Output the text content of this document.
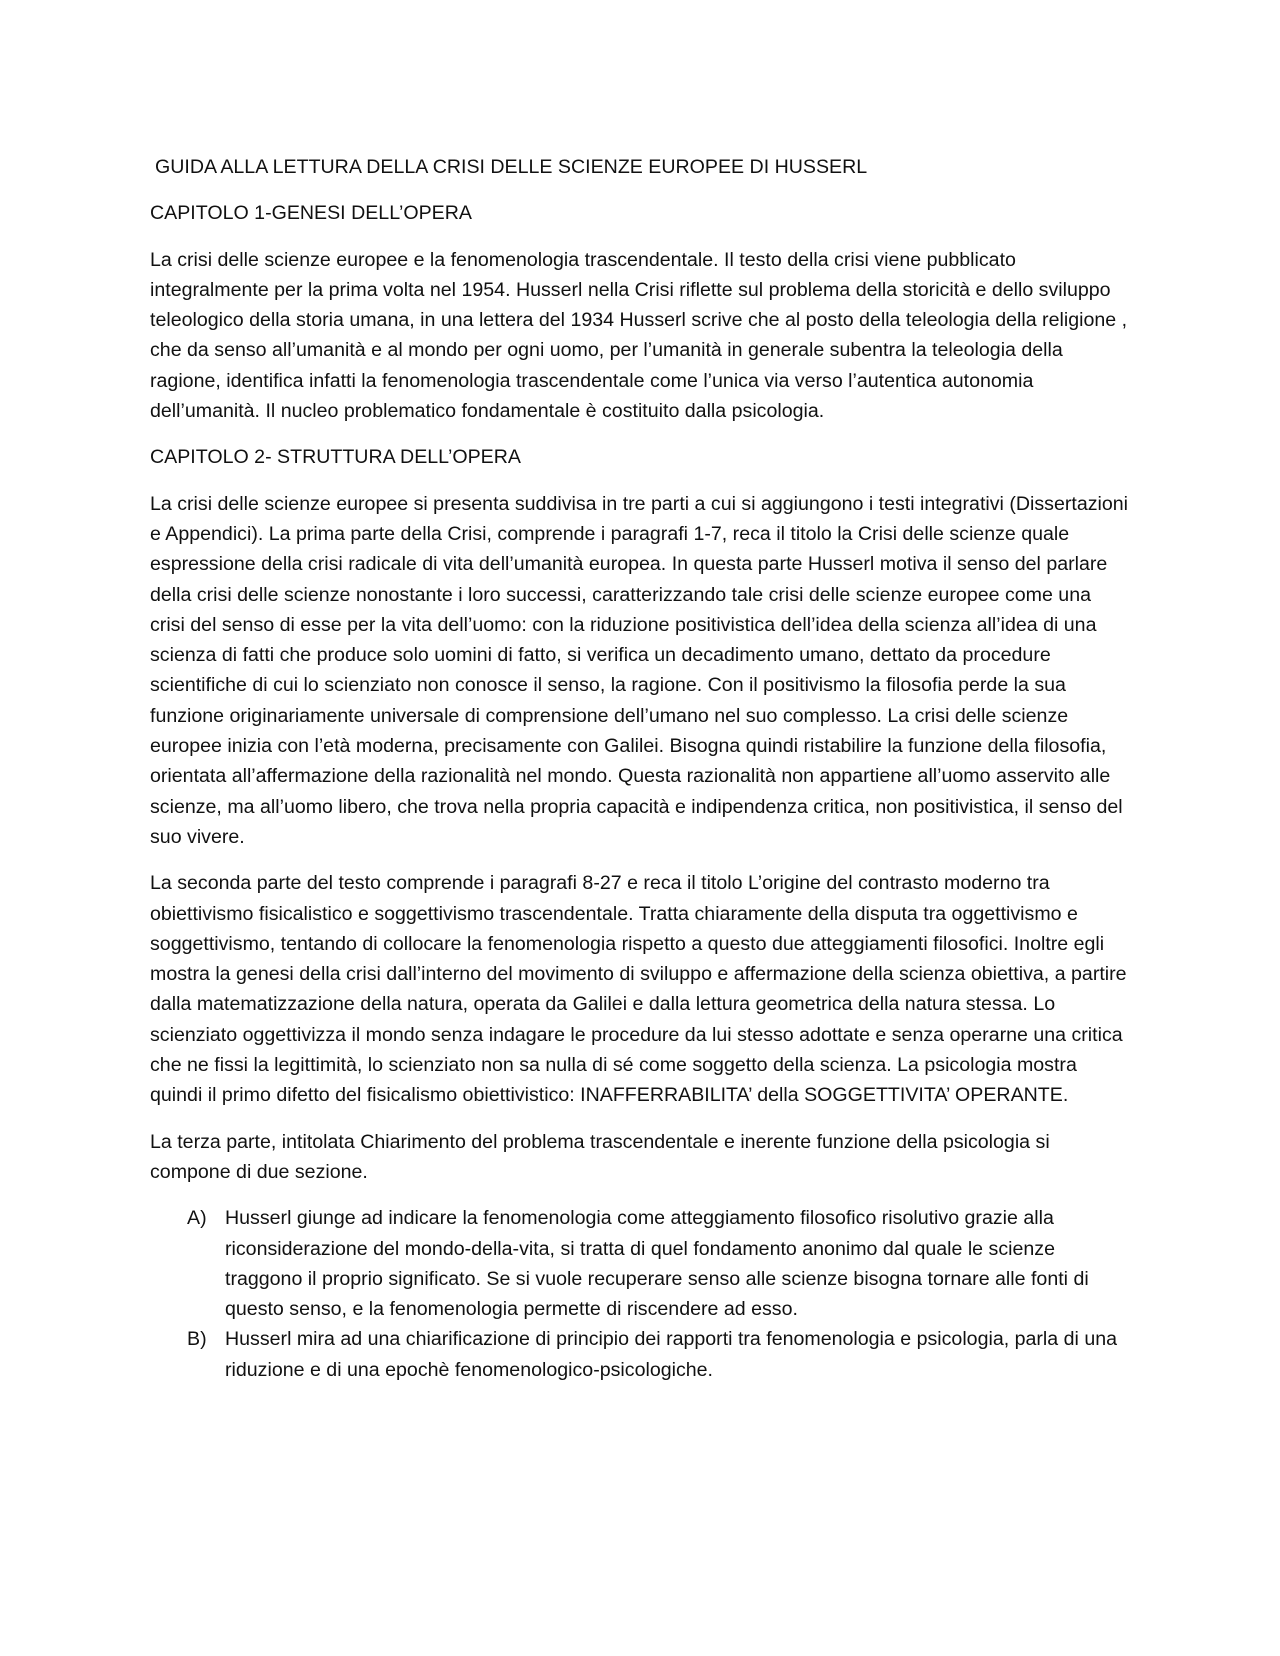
GUIDA ALLA LETTURA DELLA CRISI DELLE SCIENZE EUROPEE DI HUSSERL

CAPITOLO 1-GENESI DELL’OPERA

La crisi delle scienze europee e la fenomenologia trascendentale. Il testo della crisi viene pubblicato integralmente per la prima volta nel 1954. Husserl nella Crisi riflette sul problema della storicità e dello sviluppo teleologico della storia umana, in una lettera del 1934 Husserl scrive che al posto della teleologia della religione , che da senso all’umanità e al mondo per ogni uomo, per l’umanità in generale subentra la teleologia della ragione, identifica infatti la fenomenologia trascendentale come l’unica via verso l’autentica autonomia dell’umanità. Il nucleo problematico fondamentale è costituito dalla psicologia.

CAPITOLO 2- STRUTTURA DELL’OPERA

La crisi delle scienze europee si presenta suddivisa in tre parti a cui si aggiungono i testi integrativi (Dissertazioni e Appendici). La prima parte della Crisi, comprende i paragrafi 1-7, reca il titolo la Crisi delle scienze quale espressione della crisi radicale di vita dell’umanità europea. In questa parte Husserl motiva il senso del parlare della crisi delle scienze nonostante i loro successi, caratterizzando tale crisi delle scienze europee come una crisi del senso di esse per la vita dell’uomo: con la riduzione positivistica dell’idea della scienza all’idea di una scienza di fatti che produce solo uomini di fatto, si verifica un decadimento umano, dettato da procedure scientifiche di cui lo scienziato non conosce il senso, la ragione. Con il positivismo la filosofia perde la sua funzione originariamente universale di comprensione dell’umano nel suo complesso. La crisi delle scienze europee inizia con l’età moderna, precisamente con Galilei. Bisogna quindi ristabilire la funzione della filosofia, orientata all’affermazione della razionalità nel mondo. Questa razionalità non appartiene all’uomo asservito alle scienze, ma all’uomo libero, che trova nella propria capacità e indipendenza critica, non positivistica, il senso del suo vivere.

La seconda parte del testo comprende i paragrafi 8-27 e reca il titolo L’origine del contrasto moderno tra obiettivismo fisicalistico e soggettivismo trascendentale. Tratta chiaramente della disputa tra oggettivismo e soggettivismo, tentando di collocare la fenomenologia rispetto a questo due atteggiamenti filosofici. Inoltre egli mostra la genesi della crisi dall’interno del movimento di sviluppo e affermazione della scienza obiettiva, a partire dalla matematizzazione della natura, operata da Galilei e dalla lettura geometrica della natura stessa. Lo scienziato oggettivizza il mondo senza indagare le procedure da lui stesso adottate e senza operarne una critica che ne fissi la legittimità, lo scienziato non sa nulla di sé come soggetto della scienza. La psicologia mostra quindi il primo difetto del fisicalismo obiettivistico: INAFFERRABILITA’ della SOGGETTIVITA’ OPERANTE.

La terza parte, intitolata Chiarimento del problema trascendentale e inerente funzione della psicologia si compone di due sezione.

A) Husserl giunge ad indicare la fenomenologia come atteggiamento filosofico risolutivo grazie alla riconsiderazione del mondo-della-vita, si tratta di quel fondamento anonimo dal quale le scienze traggono il proprio significato. Se si vuole recuperare senso alle scienze bisogna tornare alle fonti di questo senso, e la fenomenologia permette di riscendere ad esso.
B) Husserl mira ad una chiarificazione di principio dei rapporti tra fenomenologia e psicologia, parla di una riduzione e di una epochè fenomenologico-psicologiche.
